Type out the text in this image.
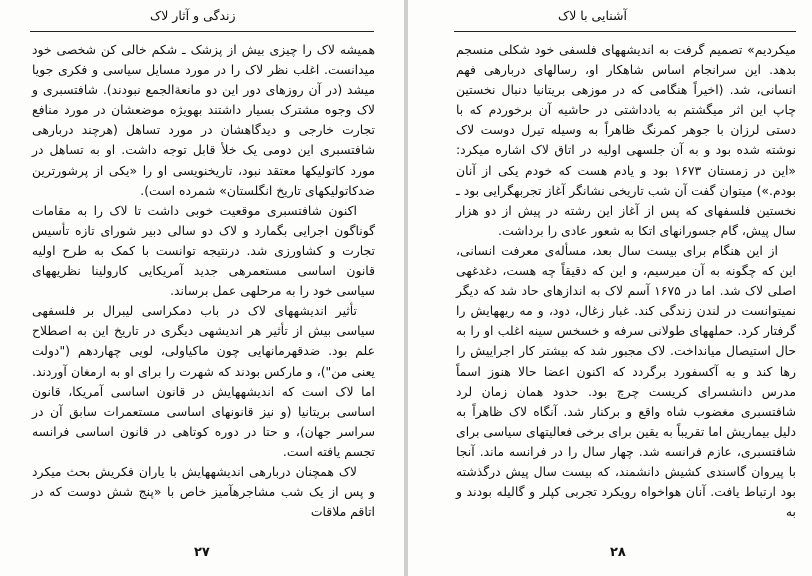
زندگی و آثار لاک

همیشه لاک را چیزی بیش از پزشک ـ شکم خالی کن شخصی خود میدانست. اغلب نظر لاک را در مورد مسایل سیاسی و فکری جویا میشد (در آن روزهای دور این دو مانعةالجمع نبودند). شافتسبری و لاک وجوه مشترک بسیار داشتند بهویژه موضعشان در مورد منافع تجارت خارجی و دیدگاهشان در مورد تساهل (هرچند دربارهی شافتسبری این دومی یک خلأ قابل توجه داشت. او به تساهل در مورد کاتولیکها معتقد نبود، تاریخنویسی او را «یکی از پرشورترین ضدکاتولیکهای تاریخ انگلستان» شمرده است).

اکنون شافتسبری موقعیت خوبی داشت تا لاک را به مقامات گوناگون اجرایی بگمارد و لاک دو سالی دبیر شورای تازه تأسیس تجارت و کشاورزی شد. درنتیجه توانست با کمک به طرح اولیه قانون اساسی مستعمرهی جدید آمریکایی کارولینا نظریههای سیاسی خود را به مرحلهی عمل برساند.

تأثیر اندیشههای لاک در باب دمکراسی لیبرال بر فلسفهی سیاسی بیش از تأثیر هر اندیشهی دیگری در تاریخ این به اصطلاح علم بود. ضدقهرمانهایی چون ماکیاولی، لویی چهاردهم ("دولت یعنی من")، و مارکس بودند که شهرت را برای او به ارمغان آوردند. اما لاک است که اندیشههایش در قانون اساسی آمریکا، قانون اساسی بریتانیا (و نیز قانونهای اساسی مستعمرات سابق آن در سراسر جهان)، و حتا در دوره کوتاهی در قانون اساسی فرانسه تجسم یافته است.

لاک همچنان دربارهی اندیشههایش با یاران فکریش بحث میکرد و پس از یک شب مشاجرهآمیز خاص با «پنج شش دوست که در اتاقم ملاقات

۲۷
آشنایی با لاک

میکردیم» تصمیم گرفت به اندیشههای فلسفی خود شکلی منسجم بدهد. این سرانجام اساس شاهکار او، رسالهای دربارهی فهم انسانی، شد. (اخیراً هنگامی که در موزهی بریتانیا دنبال نخستین چاپ این اثر میگشتم به یادداشتی در حاشیه آن برخوردم که با دستی لرزان با جوهر کمرنگ ظاهراً به وسیله تیرل دوست لاک نوشته شده بود و به آن جلسهی اولیه در اتاق لاک اشاره میکرد: «این در زمستان ۱۶۷۳ بود و یادم هست که خودم یکی از آنان بودم.») میتوان گفت آن شب تاریخی نشانگر آغاز تجربهگرایی بود ـ نخستین فلسفهای که پس از آغاز این رشته در پیش از دو هزار سال پیش، گام جسورانهای اتکا به شعور عادی را برداشت.

از این هنگام برای بیست سال بعد، مسأله‌ی معرفت انسانی، این که چگونه به آن میرسیم، و این که دقیقاً چه هست، دغدغهی اصلی لاک شد. اما در ۱۶۷۵ آسم لاک به اندازهای حاد شد که دیگر نمیتوانست در لندن زندگی کند. غبار زغال، دود، و مه ریههایش را گرفتار کرد. حملههای طولانی سرفه و خسخس سینه اغلب او را به حال استیصال میانداخت. لاک مجبور شد که بیشتر کار اجراییش را رها کند و به آکسفورد برگردد که اکنون اعضا حالا هنوز اسماً مدرس دانشسرای کریست چرچ بود. حدود همان زمان لرد شافتسبری مغضوب شاه واقع و برکنار شد. آنگاه لاک ظاهراً به دلیل بیماریش اما تقریباً به یقین برای برخی فعالیتهای سیاسی برای شافتسبری، عازم فرانسه شد. چهار سال را در فرانسه ماند. آنجا با پیروان گاسندی کشیش دانشمند، که بیست سال پیش درگذشته بود ارتباط یافت. آنان هواخواه رویکرد تجربی کپلر و گالیله بودند و به

۲۸
